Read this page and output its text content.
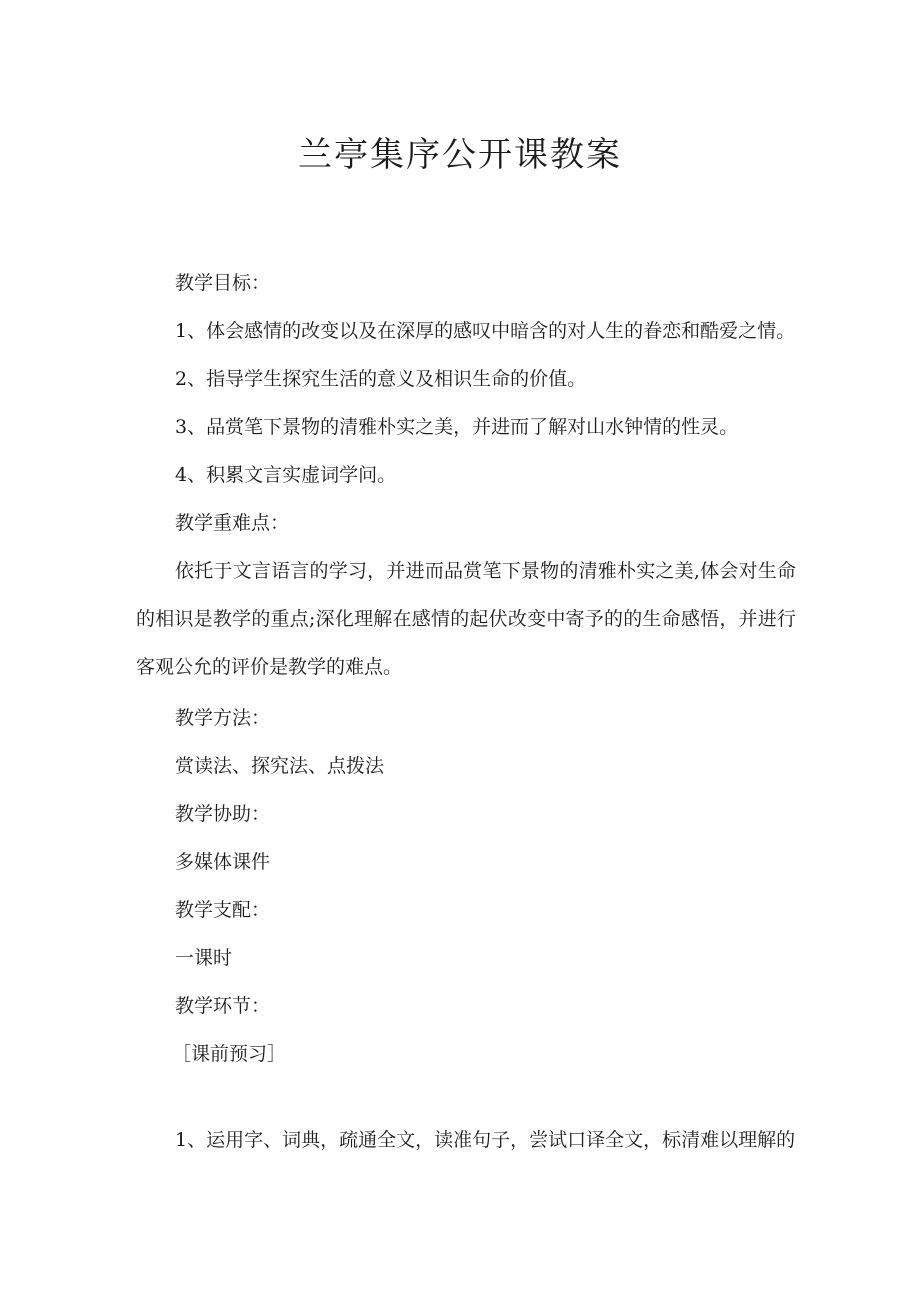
兰亭集序公开课教案

教学目标：

1、体会感情的改变以及在深厚的感叹中暗含的对人生的眷恋和酷爱之情。

2、指导学生探究生活的意义及相识生命的价值。

3、品赏笔下景物的清雅朴实之美，并进而了解对山水钟情的性灵。

4、积累文言实虚词学问。

教学重难点：

依托于文言语言的学习，并进而品赏笔下景物的清雅朴实之美,体会对生命的相识是教学的重点;深化理解在感情的起伏改变中寄予的的生命感悟，并进行客观公允的评价是教学的难点。

教学方法：

赏读法、探究法、点拨法

教学协助：

多媒体课件

教学支配：

一课时

教学环节：

［课前预习］

1、运用字、词典，疏通全文，读准句子，尝试口译全文，标清难以理解的
